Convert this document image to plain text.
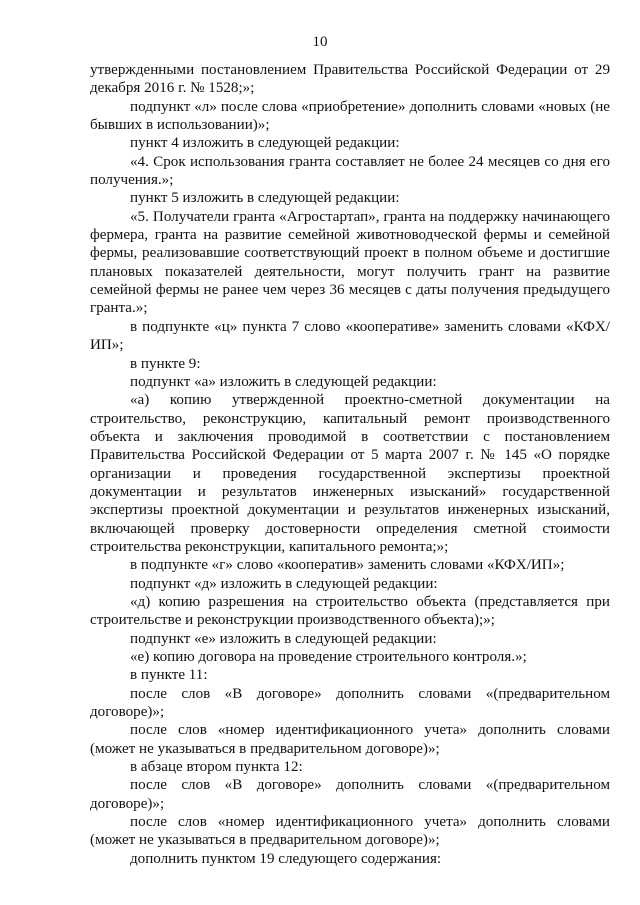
10

утвержденными постановлением Правительства Российской Федерации от 29 декабря 2016 г. № 1528;»;

подпункт «л» после слова «приобретение» дополнить словами «новых (не бывших в использовании)»;

пункт 4 изложить в следующей редакции:

«4. Срок использования гранта составляет не более 24 месяцев со дня его получения.»;

пункт 5 изложить в следующей редакции:

«5. Получатели гранта «Агростартап», гранта на поддержку начинающего фермера, гранта на развитие семейной животноводческой фермы и семейной фермы, реализовавшие соответствующий проект в полном объеме и достигшие плановых показателей деятельности, могут получить грант на развитие семейной фермы не ранее чем через 36 месяцев с даты получения предыдущего гранта.»;

в подпункте «ц» пункта 7 слово «кооперативе» заменить словами «КФХ/ИП»;

в пункте 9:

подпункт «а» изложить в следующей редакции:

«а) копию утвержденной проектно-сметной документации на строительство, реконструкцию, капитальный ремонт производственного объекта и заключения проводимой в соответствии с постановлением Правительства Российской Федерации от 5 марта 2007 г. № 145 «О порядке организации и проведения государственной экспертизы проектной документации и результатов инженерных изысканий» государственной экспертизы проектной документации и результатов инженерных изысканий, включающей проверку достоверности определения сметной стоимости строительства реконструкции, капитального ремонта;»;

в подпункте «г» слово «кооператив» заменить словами «КФХ/ИП»;

подпункт «д» изложить в следующей редакции:

«д) копию разрешения на строительство объекта (представляется при строительстве и реконструкции производственного объекта);»;

подпункт «е» изложить в следующей редакции:

«е) копию договора на проведение строительного контроля.»;

в пункте 11:

после слов «В договоре» дополнить словами «(предварительном договоре)»;

после слов «номер идентификационного учета» дополнить словами (может не указываться в предварительном договоре)»;

в абзаце втором пункта 12:

после слов «В договоре» дополнить словами «(предварительном договоре)»;

после слов «номер идентификационного учета» дополнить словами (может не указываться в предварительном договоре)»;

дополнить пунктом 19 следующего содержания:
